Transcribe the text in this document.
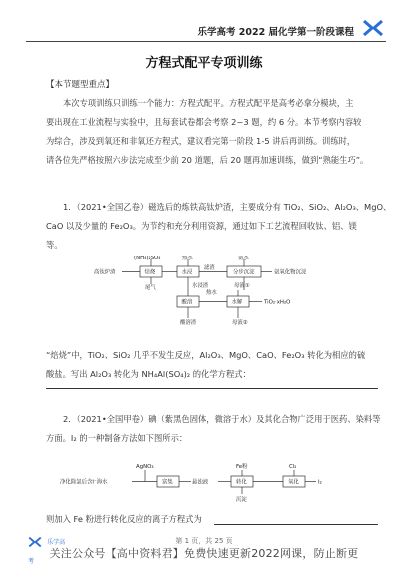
乐学高考 2022 届化学第一阶段课程
方程式配平专项训练
【本节题型重点】

本次专项训练只训练一个能力：方程式配平。方程式配平是高考必拿分模块，主

要出现在工业流程与实验中，且每套试卷都会考察 2~3 题，约 6 分。本节考察内容较

为综合，涉及到氧还和非氧还方程式，建议看完第一阶段 1-5 讲后再训练。训练时，

请各位先严格按照六步法完成至少前 20 道题，后 20 题再加速训练，做到“熟能生巧”。

1．（2021•全国乙卷）磁选后的炼铁高钛炉渣，主要成分有 TiO₂、SiO₂、Al₂O₃、MgO、

CaO 以及少量的 Fe₂O₃。为节约和充分利用资源，通过如下工艺流程回收钛、铝、镁

等。

(NH₄)₂SO₄	热水	氨水
高钛炉渣	焙烧	水浸
滤渣
分步沉淀	氨氧化物沉淀
尾气	水浸渣	母液①
酸溶	水解	TiO₂·xH₂O
酸溶渣
热水
母液②

“焙烧”中，TiO₂、SiO₂ 几乎不发生反应，Al₂O₃、MgO、CaO、Fe₂O₃ 转化为相应的硫

酸盐。写出 Al₂O₃ 转化为 NH₄Al(SO₄)₂ 的化学方程式：

2．（2021•全国甲卷）碘（紫黑色固体，微溶于水）及其化合物广泛用于医药、染料等

方面。I₂ 的一种制备方法如下图所示：

净化除氯后含I⁻海水
AgNO₃
富集	悬浊液
Fe粉
转化
沉淀
Cl₂
氧化	I₂

则加入 Fe 粉进行转化反应的离子方程式为

乐学高考
第 1 页，共 25 页
关注公众号【高中资料君】免费快速更新2022网课，防止断更
